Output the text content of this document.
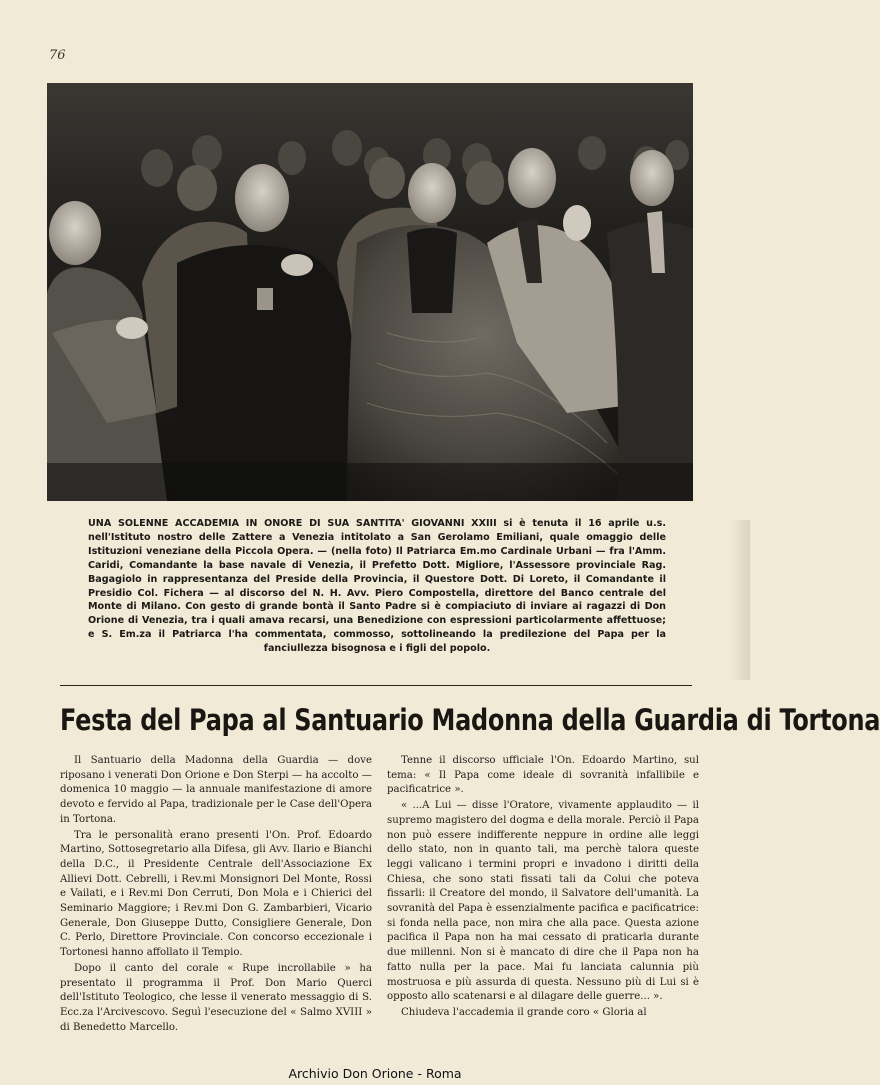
76
UNA SOLENNE ACCADEMIA IN ONORE DI SUA SANTITA' GIOVANNI XXIII si è tenuta il 16 aprile u.s. nell'Istituto nostro delle Zattere a Venezia intitolato a San Gerolamo Emiliani, quale omaggio delle Istituzioni veneziane della Piccola Opera. — (nella foto) Il Patriarca Em.mo Cardinale Urbani — fra l'Amm. Caridi, Comandante la base navale di Venezia, il Prefetto Dott. Migliore, l'Assessore provinciale Rag. Bagagiolo in rappresentanza del Preside della Provincia, il Questore Dott. Di Loreto, il Comandante il Presidio Col. Fichera — al discorso del N. H. Avv. Piero Compostella, direttore del Banco centrale del Monte di Milano. Con gesto di grande bontà il Santo Padre si è compiaciuto di inviare ai ragazzi di Don Orione di Venezia, tra i quali amava recarsi, una Benedizione con espressioni particolarmente affettuose; e S. Em.za il Patriarca l'ha commentata, commosso, sottolineando la predilezione del Papa per la fanciullezza bisognosa e i figli del popolo.
Festa del Papa al Santuario Madonna della Guardia di Tortona

Il Santuario della Madonna della Guardia — dove riposano i venerati Don Orione e Don Sterpi — ha accolto — domenica 10 maggio — la annuale manifestazione di amore devoto e fervido al Papa, tradizionale per le Case dell'Opera in Tortona.

Tra le personalità erano presenti l'On. Prof. Edoardo Martino, Sottosegretario alla Difesa, gli Avv. Ilario e Bianchi della D.C., il Presidente Centrale dell'Associazione Ex Allievi Dott. Cebrelli, i Rev.mi Monsignori Del Monte, Rossi e Vailati, e i Rev.mi Don Cerruti, Don Mola e i Chierici del Seminario Maggiore; i Rev.mi Don G. Zambarbieri, Vicario Generale, Don Giuseppe Dutto, Consigliere Generale, Don C. Perlo, Direttore Provinciale. Con concorso eccezionale i Tortonesi hanno affollato il Tempio.

Dopo il canto del corale « Rupe incrollabile » ha presentato il programma il Prof. Don Mario Querci dell'Istituto Teologico, che lesse il venerato messaggio di S. Ecc.za l'Arcivescovo. Seguì l'esecuzione del « Salmo XVIII » di Benedetto Marcello.

Tenne il discorso ufficiale l'On. Edoardo Martino, sul tema: « Il Papa come ideale di sovranità infallibile e pacificatrice ».

« ...A Lui — disse l'Oratore, vivamente applaudito — il supremo magistero del dogma e della morale. Perciò il Papa non può essere indifferente neppure in ordine alle leggi dello stato, non in quanto tali, ma perchè talora queste leggi valicano i termini propri e invadono i diritti della Chiesa, che sono stati fissati tali da Colui che poteva fissarli: il Creatore del mondo, il Salvatore dell'umanità. La sovranità del Papa è essenzialmente pacifica e pacificatrice: si fonda nella pace, non mira che alla pace. Questa azione pacifica il Papa non ha mai cessato di praticarla durante due millenni. Non si è mancato di dire che il Papa non ha fatto nulla per la pace. Mai fu lanciata calunnia più mostruosa e più assurda di questa. Nessuno più di Lui si è opposto allo scatenarsi e al dilagare delle guerre... ».

Chiudeva l'accademia il grande coro « Gloria al

Archivio Don Orione - Roma
